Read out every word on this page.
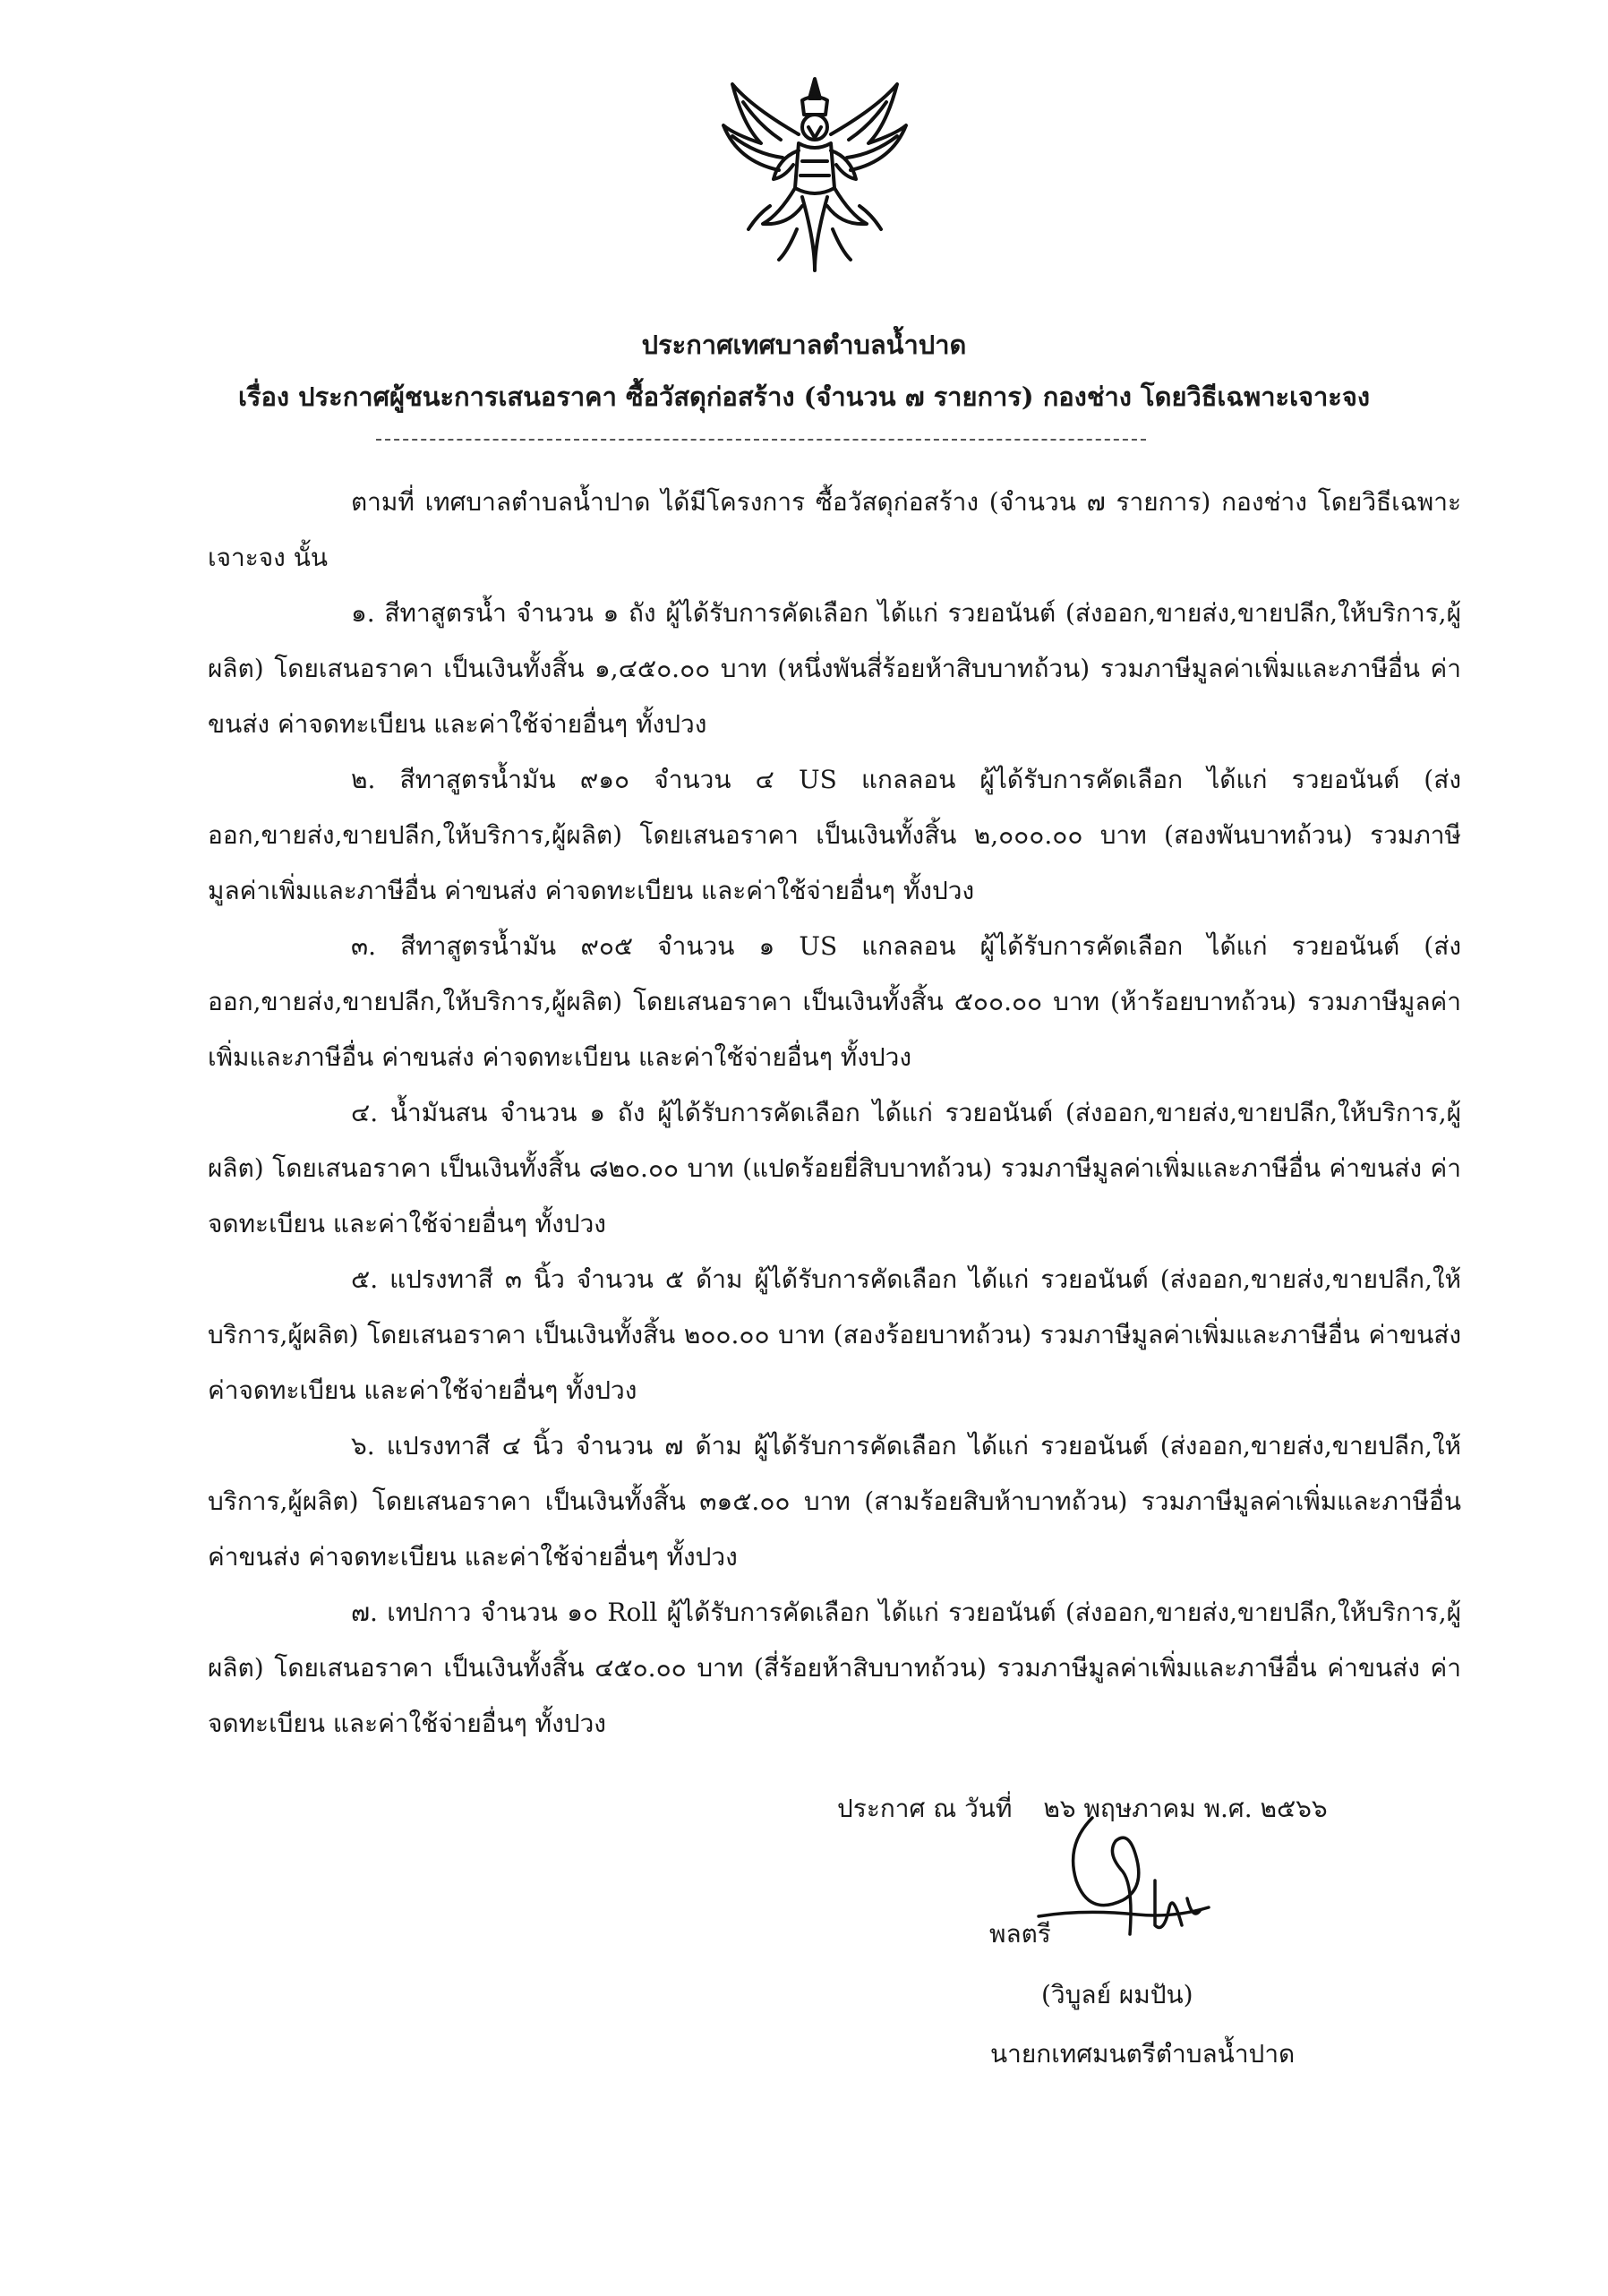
ประกาศเทศบาลตำบลน้ำปาด
เรื่อง ประกาศผู้ชนะการเสนอราคา ซื้อวัสดุก่อสร้าง (จำนวน ๗ รายการ) กองช่าง โดยวิธีเฉพาะเจาะจง

ตามที่ เทศบาลตำบลน้ำปาด ได้มีโครงการ ซื้อวัสดุก่อสร้าง (จำนวน ๗ รายการ) กองช่าง โดยวิธีเฉพาะเจาะจง นั้น

๑. สีทาสูตรน้ำ จำนวน ๑ ถัง ผู้ได้รับการคัดเลือก ได้แก่ รวยอนันต์ (ส่งออก,ขายส่ง,ขายปลีก,ให้บริการ,ผู้ผลิต) โดยเสนอราคา เป็นเงินทั้งสิ้น ๑,๔๕๐.๐๐ บาท (หนึ่งพันสี่ร้อยห้าสิบบาทถ้วน) รวมภาษีมูลค่าเพิ่มและภาษีอื่น ค่าขนส่ง ค่าจดทะเบียน และค่าใช้จ่ายอื่นๆ ทั้งปวง

๒. สีทาสูตรน้ำมัน ๙๑๐ จำนวน ๔ US แกลลอน ผู้ได้รับการคัดเลือก ได้แก่ รวยอนันต์ (ส่งออก,ขายส่ง,ขายปลีก,ให้บริการ,ผู้ผลิต) โดยเสนอราคา เป็นเงินทั้งสิ้น ๒,๐๐๐.๐๐ บาท (สองพันบาทถ้วน) รวมภาษีมูลค่าเพิ่มและภาษีอื่น ค่าขนส่ง ค่าจดทะเบียน และค่าใช้จ่ายอื่นๆ ทั้งปวง

๓. สีทาสูตรน้ำมัน ๙๐๕ จำนวน ๑ US แกลลอน ผู้ได้รับการคัดเลือก ได้แก่ รวยอนันต์ (ส่งออก,ขายส่ง,ขายปลีก,ให้บริการ,ผู้ผลิต) โดยเสนอราคา เป็นเงินทั้งสิ้น ๕๐๐.๐๐ บาท (ห้าร้อยบาทถ้วน) รวมภาษีมูลค่าเพิ่มและภาษีอื่น ค่าขนส่ง ค่าจดทะเบียน และค่าใช้จ่ายอื่นๆ ทั้งปวง

๔. น้ำมันสน จำนวน ๑ ถัง ผู้ได้รับการคัดเลือก ได้แก่ รวยอนันต์ (ส่งออก,ขายส่ง,ขายปลีก,ให้บริการ,ผู้ผลิต) โดยเสนอราคา เป็นเงินทั้งสิ้น ๘๒๐.๐๐ บาท (แปดร้อยยี่สิบบาทถ้วน) รวมภาษีมูลค่าเพิ่มและภาษีอื่น ค่าขนส่ง ค่าจดทะเบียน และค่าใช้จ่ายอื่นๆ ทั้งปวง

๕. แปรงทาสี ๓ นิ้ว จำนวน ๕ ด้าม ผู้ได้รับการคัดเลือก ได้แก่ รวยอนันต์ (ส่งออก,ขายส่ง,ขายปลีก,ให้บริการ,ผู้ผลิต) โดยเสนอราคา เป็นเงินทั้งสิ้น ๒๐๐.๐๐ บาท (สองร้อยบาทถ้วน) รวมภาษีมูลค่าเพิ่มและภาษีอื่น ค่าขนส่ง ค่าจดทะเบียน และค่าใช้จ่ายอื่นๆ ทั้งปวง

๖. แปรงทาสี ๔ นิ้ว จำนวน ๗ ด้าม ผู้ได้รับการคัดเลือก ได้แก่ รวยอนันต์ (ส่งออก,ขายส่ง,ขายปลีก,ให้บริการ,ผู้ผลิต) โดยเสนอราคา เป็นเงินทั้งสิ้น ๓๑๕.๐๐ บาท (สามร้อยสิบห้าบาทถ้วน) รวมภาษีมูลค่าเพิ่มและภาษีอื่น ค่าขนส่ง ค่าจดทะเบียน และค่าใช้จ่ายอื่นๆ ทั้งปวง

๗. เทปกาว จำนวน ๑๐ Roll ผู้ได้รับการคัดเลือก ได้แก่ รวยอนันต์ (ส่งออก,ขายส่ง,ขายปลีก,ให้บริการ,ผู้ผลิต) โดยเสนอราคา เป็นเงินทั้งสิ้น ๔๕๐.๐๐ บาท (สี่ร้อยห้าสิบบาทถ้วน) รวมภาษีมูลค่าเพิ่มและภาษีอื่น ค่าขนส่ง ค่าจดทะเบียน และค่าใช้จ่ายอื่นๆ ทั้งปวง

ประกาศ ณ วันที่ ๒๖ พฤษภาคม พ.ศ. ๒๕๖๖
พลตรี
(วิบูลย์ ผมปัน)
นายกเทศมนตรีตำบลน้ำปาด
